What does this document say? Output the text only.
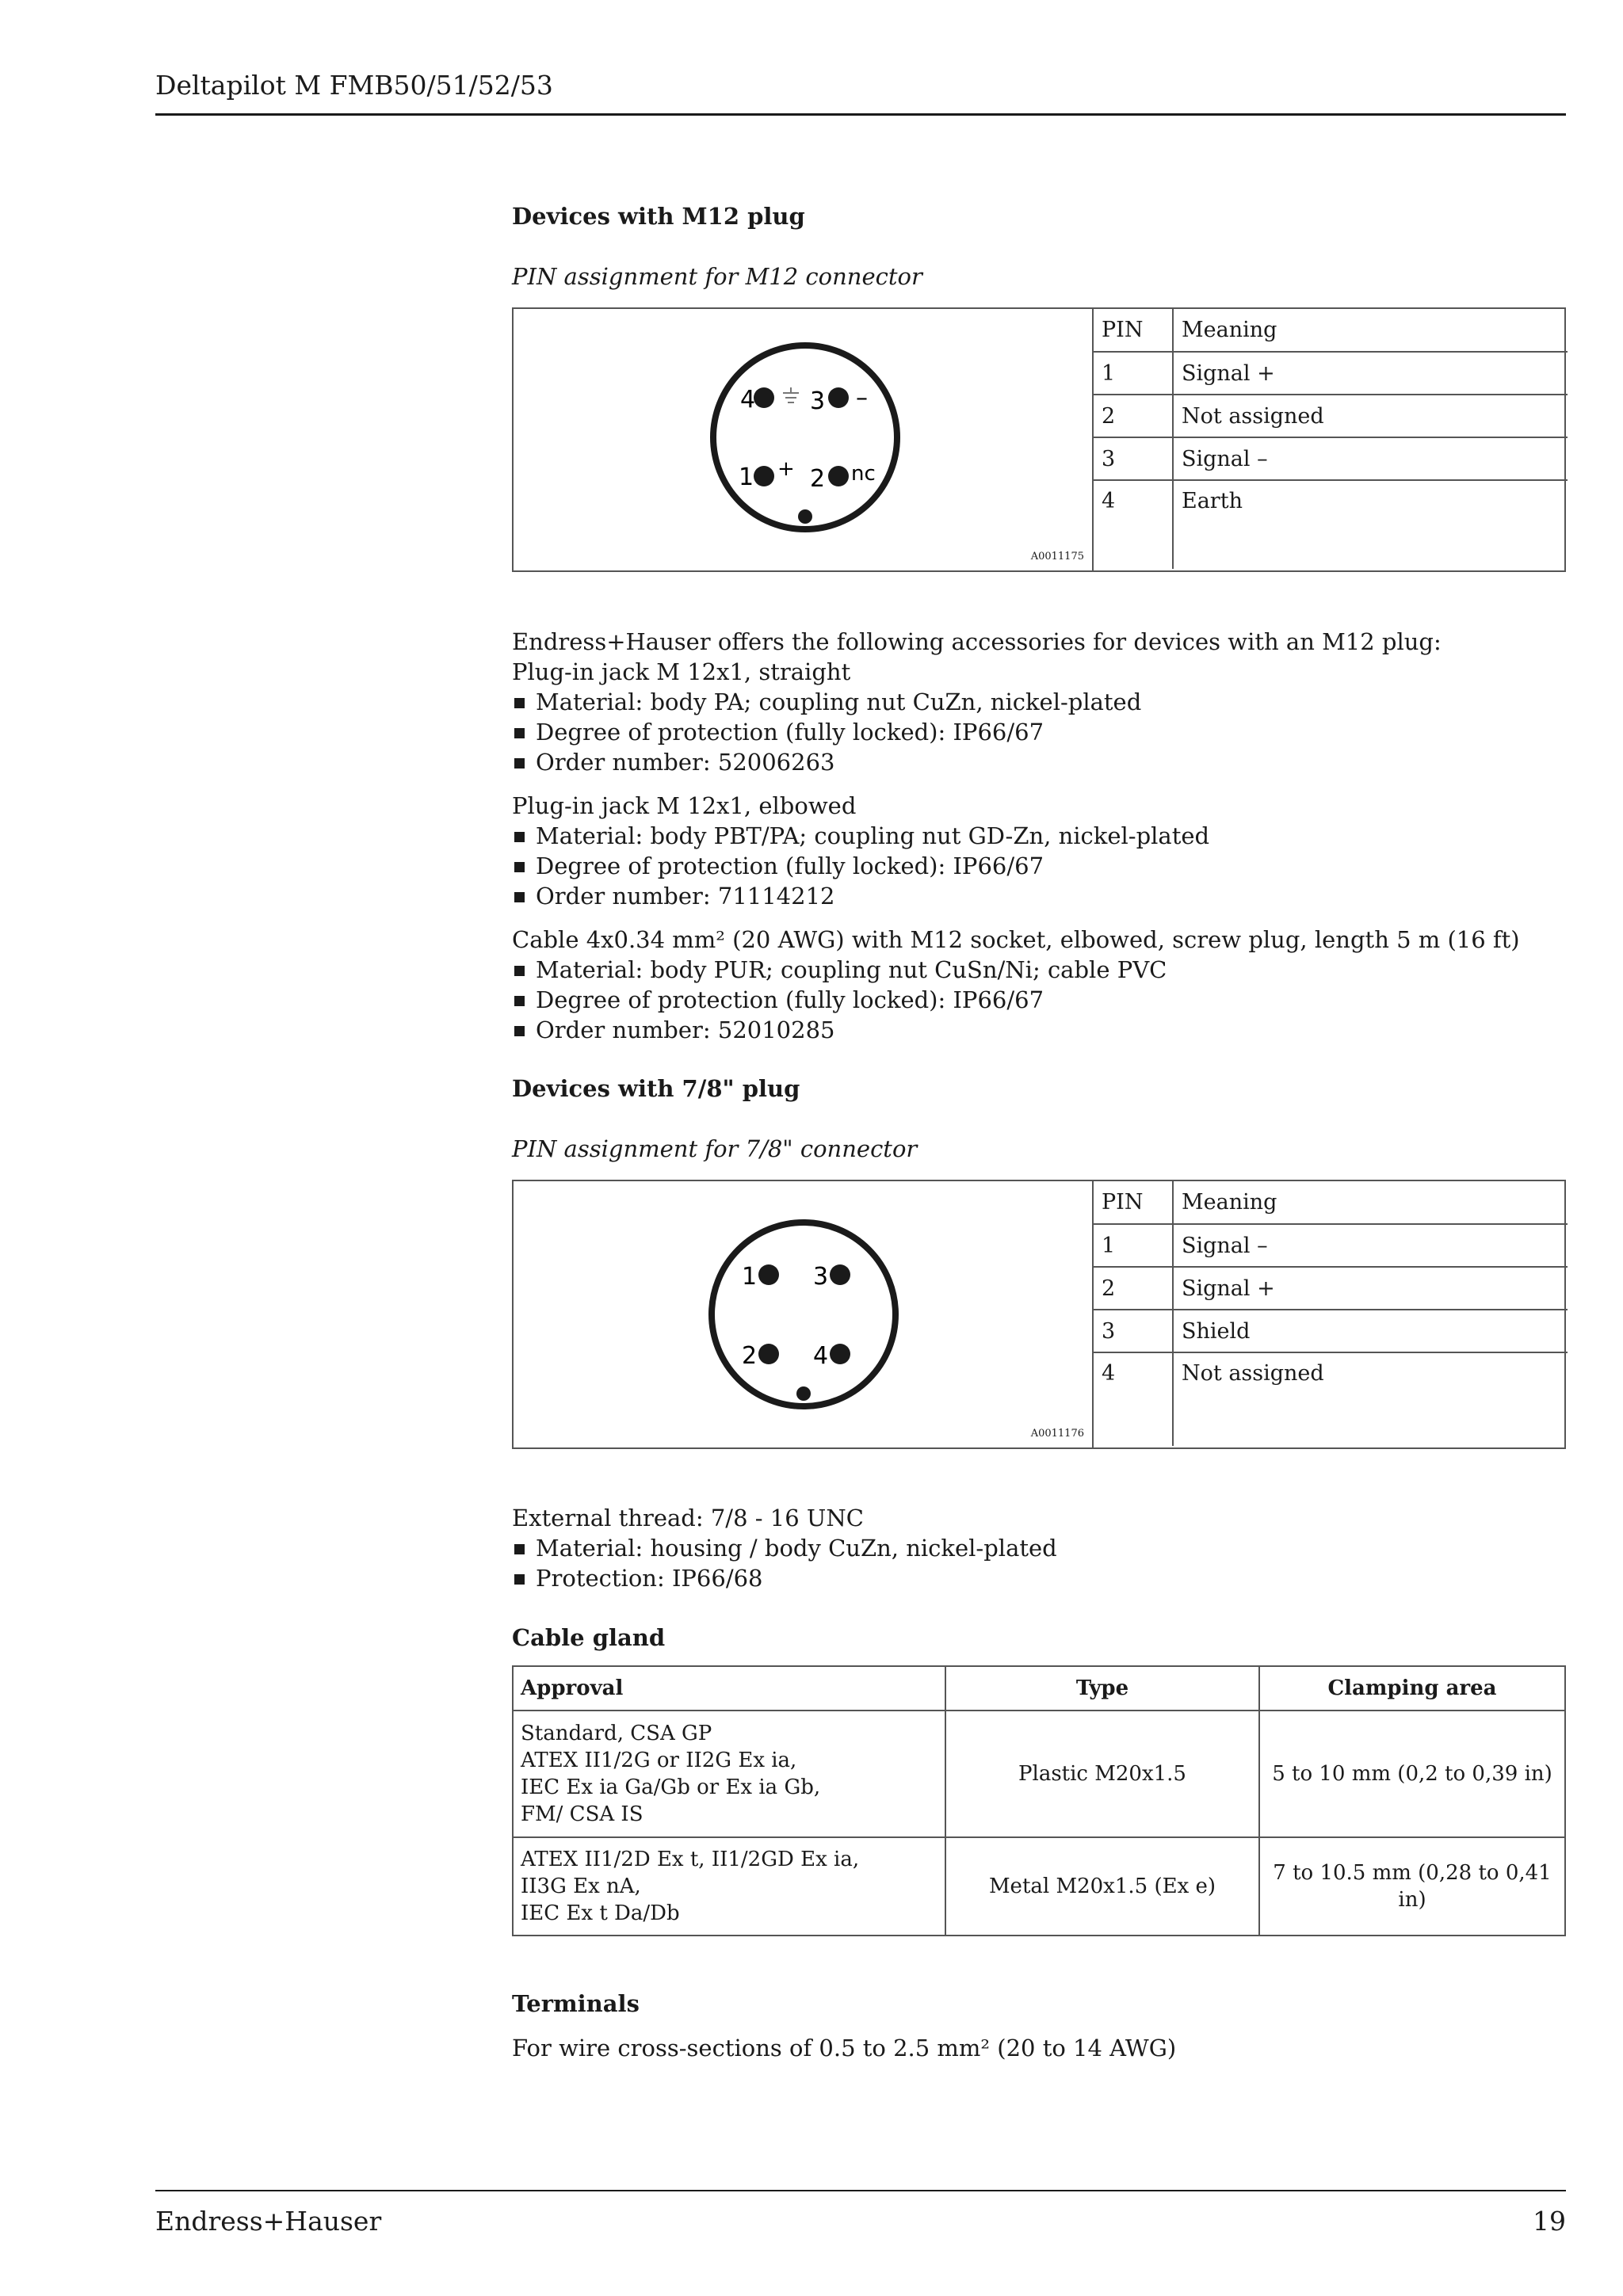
Deltapilot M FMB50/51/52/53
Devices with M12 plug
PIN assignment for M12 connector
4 3 –
1 + 2 nc
A0011175
PIN	Meaning
1	Signal +
2	Not assigned
3	Signal –
4	Earth
Endress+Hauser offers the following accessories for devices with an M12 plug:
Plug-in jack M 12x1, straight
Material: body PA; coupling nut CuZn, nickel-plated
Degree of protection (fully locked): IP66/67
Order number: 52006263
Plug-in jack M 12x1, elbowed
Material: body PBT/PA; coupling nut GD-Zn, nickel-plated
Degree of protection (fully locked): IP66/67
Order number: 71114212
Cable 4x0.34 mm² (20 AWG) with M12 socket, elbowed, screw plug, length 5 m (16 ft)
Material: body PUR; coupling nut CuSn/Ni; cable PVC
Degree of protection (fully locked): IP66/67
Order number: 52010285
Devices with 7/8" plug
PIN assignment for 7/8" connector
1 3
2 4
A0011176
PIN	Meaning
1	Signal –
2	Signal +
3	Shield
4	Not assigned
External thread: 7/8 - 16 UNC
Material: housing / body CuZn, nickel-plated
Protection: IP66/68
Cable gland
Approval	Type	Clamping area

Standard, CSA GP
ATEX II1/2G or II2G Ex ia,
IEC Ex ia Ga/Gb or Ex ia Gb,
FM/ CSA IS	Plastic M20x1.5	5 to 10 mm (0,2 to 0,39 in)

ATEX II1/2D Ex t, II1/2GD Ex ia,
II3G Ex nA,
IEC Ex t Da/Db	Metal M20x1.5 (Ex e)	7 to 10.5 mm (0,28 to 0,41 in)
Terminals
For wire cross-sections of 0.5 to 2.5 mm² (20 to 14 AWG)
Endress+Hauser	19
